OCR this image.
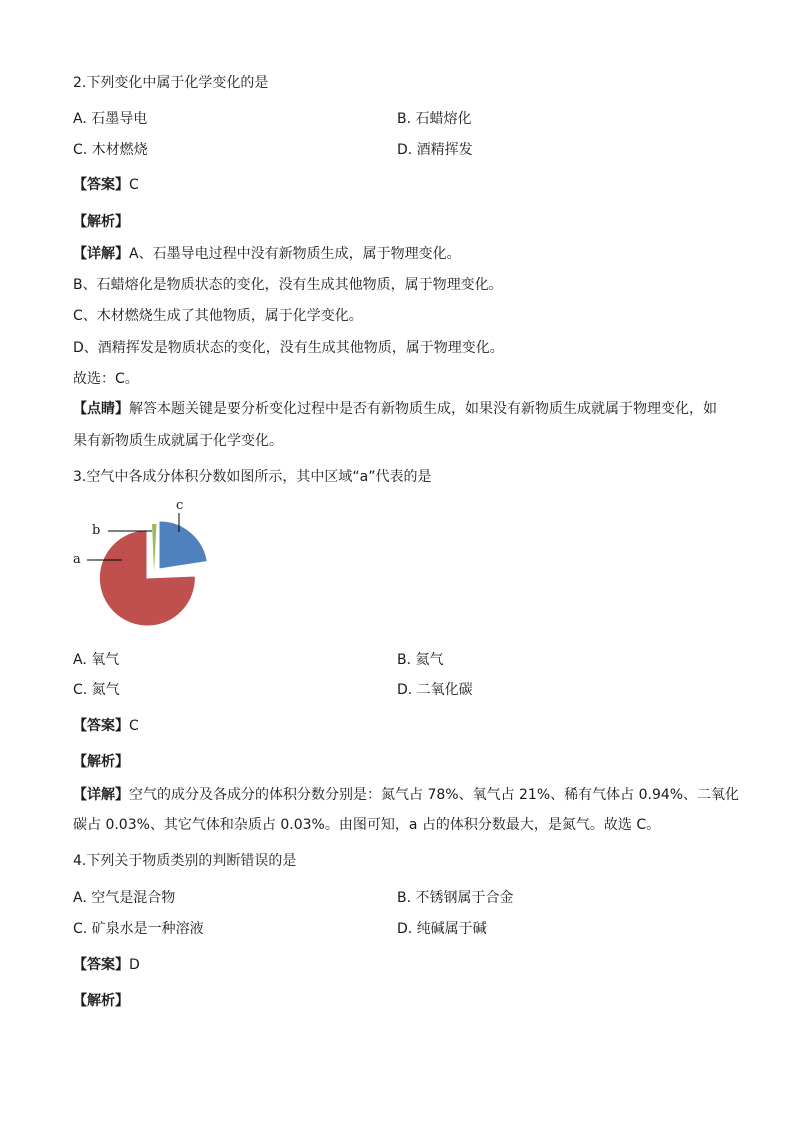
2.下列变化中属于化学变化的是
A. 石墨导电	B. 石蜡熔化
C. 木材燃烧	D. 酒精挥发
【答案】C
【解析】
【详解】A、石墨导电过程中没有新物质生成，属于物理变化。
B、石蜡熔化是物质状态的变化，没有生成其他物质，属于物理变化。
C、木材燃烧生成了其他物质，属于化学变化。
D、酒精挥发是物质状态的变化，没有生成其他物质，属于物理变化。
故选：C。
【点睛】解答本题关键是要分析变化过程中是否有新物质生成，如果没有新物质生成就属于物理变化，如
果有新物质生成就属于化学变化。
3.空气中各成分体积分数如图所示，其中区域“a”代表的是
a
b
c
A. 氧气	B. 氦气
C. 氮气	D. 二氧化碳
【答案】C
【解析】
【详解】空气的成分及各成分的体积分数分别是：氮气占 78%、氧气占 21%、稀有气体占 0.94%、二氧化
碳占 0.03%、其它气体和杂质占 0.03%。由图可知，a 占的体积分数最大，是氮气。故选 C。
4.下列关于物质类别的判断错误的是
A. 空气是混合物	B. 不锈钢属于合金
C. 矿泉水是一种溶液	D. 纯碱属于碱
【答案】D
【解析】
